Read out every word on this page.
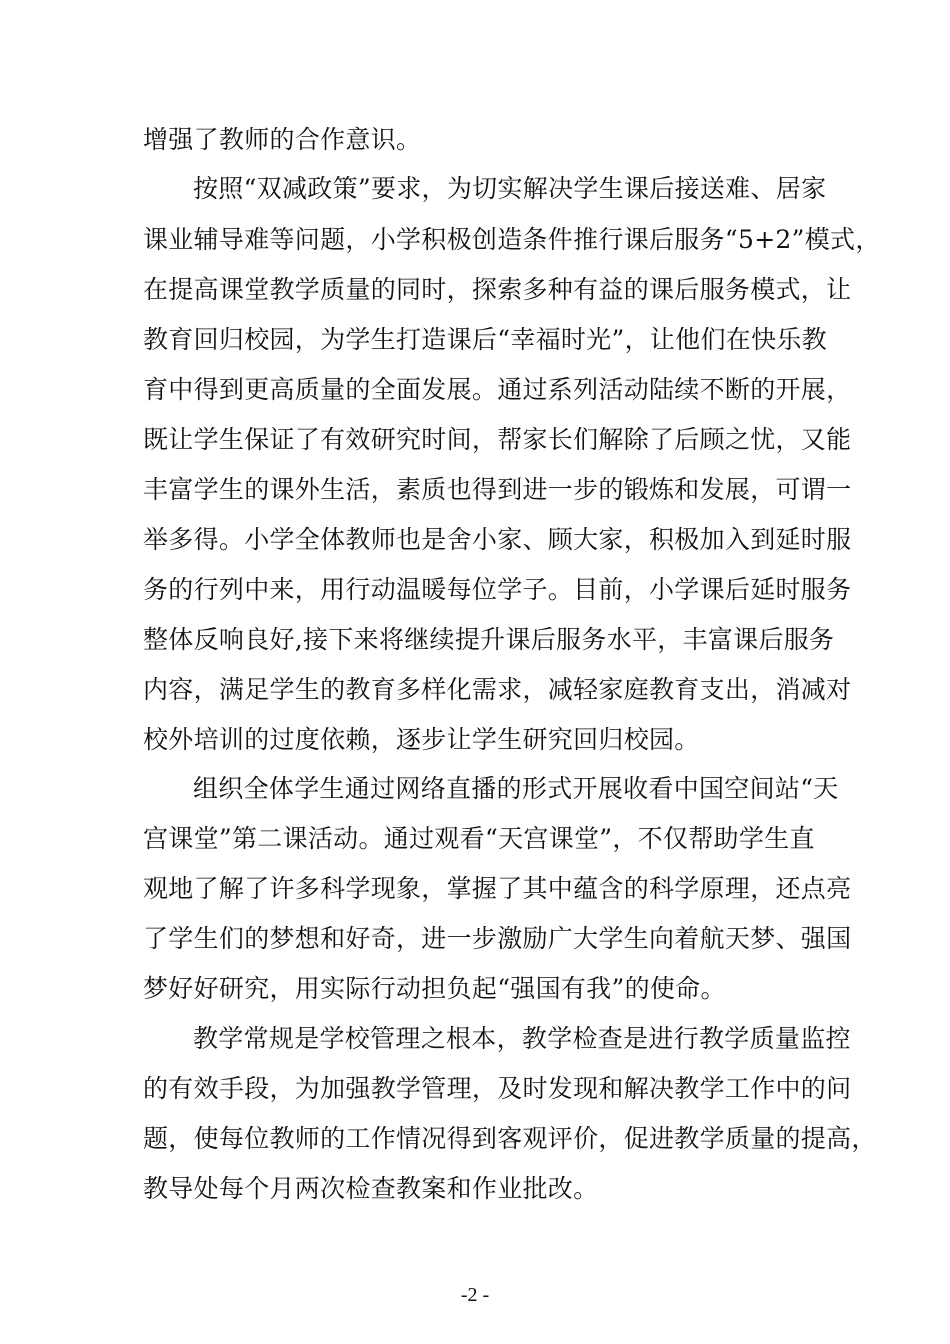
增强了教师的合作意识。
按照“双减政策”要求，为切实解决学生课后接送难、居家
课业辅导难等问题，小学积极创造条件推行课后服务“5+2”模式，
在提高课堂教学质量的同时，探索多种有益的课后服务模式，让
教育回归校园，为学生打造课后“幸福时光”，让他们在快乐教
育中得到更高质量的全面发展。通过系列活动陆续不断的开展，
既让学生保证了有效研究时间，帮家长们解除了后顾之忧，又能
丰富学生的课外生活，素质也得到进一步的锻炼和发展，可谓一
举多得。小学全体教师也是舍小家、顾大家，积极加入到延时服
务的行列中来，用行动温暖每位学子。目前，小学课后延时服务
整体反响良好,接下来将继续提升课后服务水平，丰富课后服务
内容，满足学生的教育多样化需求，减轻家庭教育支出，消减对
校外培训的过度依赖，逐步让学生研究回归校园。
组织全体学生通过网络直播的形式开展收看中国空间站“天
宫课堂”第二课活动。通过观看“天宫课堂”，不仅帮助学生直
观地了解了许多科学现象，掌握了其中蕴含的科学原理，还点亮
了学生们的梦想和好奇，进一步激励广大学生向着航天梦、强国
梦好好研究，用实际行动担负起“强国有我”的使命。
教学常规是学校管理之根本，教学检查是进行教学质量监控
的有效手段，为加强教学管理，及时发现和解决教学工作中的问
题，使每位教师的工作情况得到客观评价，促进教学质量的提高，
教导处每个月两次检查教案和作业批改。
-2 -
